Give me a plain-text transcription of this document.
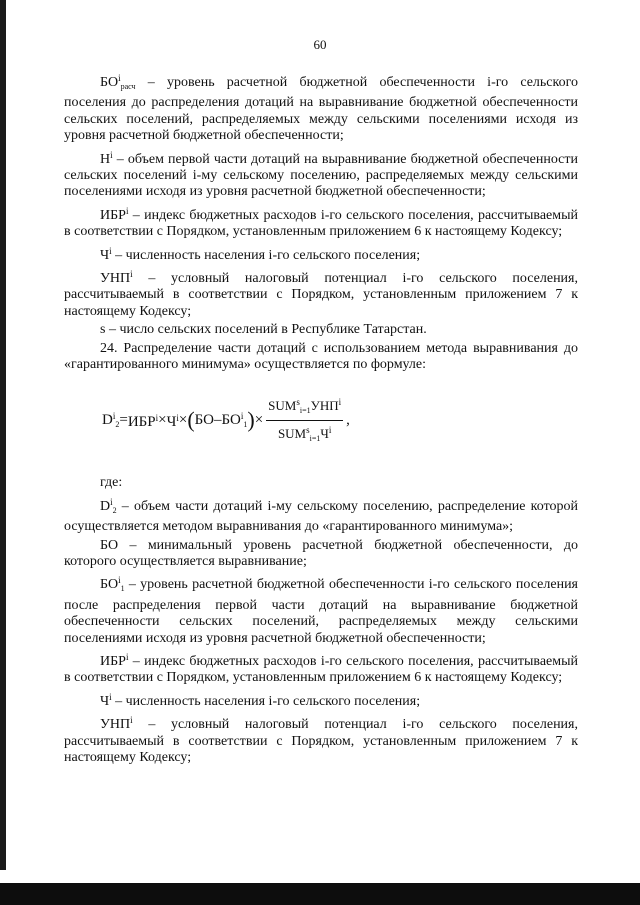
60

$БО^i_{расч}$ – уровень расчетной бюджетной обеспеченности i-го сельского поселения до распределения дотаций на выравнивание бюджетной обеспеченности сельских поселений, распределяемых между сельскими поселениями исходя из уровня расчетной бюджетной обеспеченности;

$Н^i$ – объем первой части дотаций на выравнивание бюджетной обеспеченности сельских поселений i-му сельскому поселению, распределяемых между сельскими поселениями исходя из уровня расчетной бюджетной обеспеченности;

ИБР$^i$ – индекс бюджетных расходов i-го сельского поселения, рассчитываемый в соответствии с Порядком, установленным приложением 6 к настоящему Кодексу;

$Ч^i$ – численность населения i-го сельского поселения;

УНП$^i$ – условный налоговый потенциал i-го сельского поселения, рассчитываемый в соответствии с Порядком, установленным приложением 7 к настоящему Кодексу;

s – число сельских поселений в Республике Татарстан.

24. Распределение части дотаций с использованием метода выравнивания до «гарантированного минимума» осуществляется по формуле:

$D^i_2 = ИБР^i \times Ч^i$ × ( БО – $БО^i_1$ ) × $\frac{SUM^s_{i=1}УНП^i}{SUM^s_{i=1}Ч^i}$ ,

где:

$D^i_2$ – объем части дотаций i-му сельскому поселению, распределение которой осуществляется методом выравнивания до «гарантированного минимума»;

БО – минимальный уровень расчетной бюджетной обеспеченности, до которого осуществляется выравнивание;

$БО^i_1$ – уровень расчетной бюджетной обеспеченности i-го сельского поселения после распределения первой части дотаций на выравнивание бюджетной обеспеченности сельских поселений, распределяемых между сельскими поселениями исходя из уровня расчетной бюджетной обеспеченности;

ИБР$^i$ – индекс бюджетных расходов i-го сельского поселения, рассчитываемый в соответствии с Порядком, установленным приложением 6 к настоящему Кодексу;

$Ч^i$ – численность населения i-го сельского поселения;

УНП$^i$ – условный налоговый потенциал i-го сельского поселения, рассчитываемый в соответствии с Порядком, установленным приложением 7 к настоящему Кодексу;
